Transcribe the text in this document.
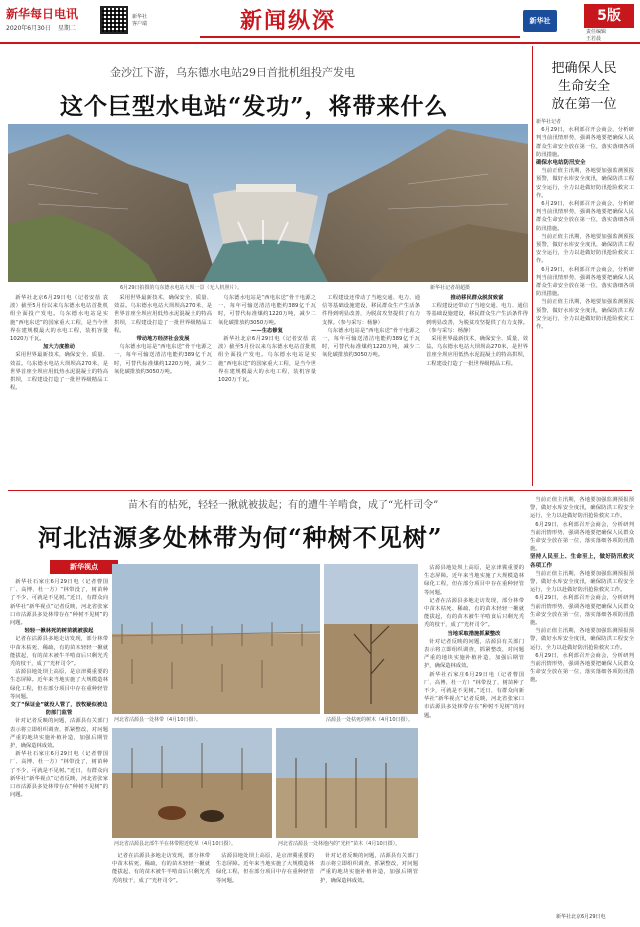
新华每日电讯
2020年6月30日 星期二
新华社
客户端	新闻纵深	新华社	5版
责任编辑
王若晨
金沙江下游，乌东德水电站29日首批机组投产发电
这个巨型水电站“发功”，将带来什么
6月29日拍摄的乌东德水电站大坝一景（无人机照片）。	新华社记者胡超摄

新华社北京6月29日电（记者安蓓 袁波）截至5月份以来乌东德水电站首批机组全面投产发电。乌东德水电站是实施“西电东送”的国家重大工程，是当今世界在建规模最大的水电工程，装机容量1020万千瓦。

加大力度推动

采用世界最新技术，确保安全、质量、效益。乌东德水电站大坝坝高270米，是世界首座全坝应用低热水泥混凝土的特高拱坝，工程建设打造了一批世界级精品工程。

采用世界最新技术，确保安全、质量、效益。乌东德水电站大坝坝高270米，是世界首座全坝应用低热水泥混凝土的特高拱坝，工程建设打造了一批世界级精品工程。

带动地方经济社会发展

乌东德水电站是“西电东送”骨干电源之一，每年可输送清洁电能约389亿千瓦时，可替代标准煤约1220万吨，减少二氧化碳排放约3050万吨。

乌东德水电站是“西电东送”骨干电源之一，每年可输送清洁电能约389亿千瓦时，可替代标准煤约1220万吨，减少二氧化碳排放约3050万吨。

——生态修复

新华社北京6月29日电（记者安蓓 袁波）截至5月份以来乌东德水电站首批机组全面投产发电。乌东德水电站是实施“西电东送”的国家重大工程，是当今世界在建规模最大的水电工程，装机容量1020万千瓦。

工程建设还带动了当地交通、电力、通信等基础设施建设，移民群众生产生活条件得到明显改善，为脱贫攻坚提供了有力支撑。（参与采写：杨静）

乌东德水电站是“西电东送”骨干电源之一，每年可输送清洁电能约389亿千瓦时，可替代标准煤约1220万吨，减少二氧化碳排放约3050万吨。

推动移民群众脱贫致富

工程建设还带动了当地交通、电力、通信等基础设施建设，移民群众生产生活条件得到明显改善，为脱贫攻坚提供了有力支撑。（参与采写：杨静）

采用世界最新技术，确保安全、质量、效益。乌东德水电站大坝坝高270米，是世界首座全坝应用低热水泥混凝土的特高拱坝，工程建设打造了一批世界级精品工程。

把确保人民
生命安全
放在第一位
新华社记者

6月29日，水利部召开会商会，分析研判当前汛情形势，强调各地要把确保人民群众生命安全放在第一位，落实落细各项防汛措施。

确保水电站防汛安全

当前正值主汛期，各地要加强监测预报预警，做好水库安全度汛，确保防洪工程安全运行，全力以赴做好防汛抢险救灾工作。

6月29日，水利部召开会商会，分析研判当前汛情形势，强调各地要把确保人民群众生命安全放在第一位，落实落细各项防汛措施。

当前正值主汛期，各地要加强监测预报预警，做好水库安全度汛，确保防洪工程安全运行，全力以赴做好防汛抢险救灾工作。

6月29日，水利部召开会商会，分析研判当前汛情形势，强调各地要把确保人民群众生命安全放在第一位，落实落细各项防汛措施。

当前正值主汛期，各地要加强监测预报预警，做好水库安全度汛，确保防洪工程安全运行，全力以赴做好防汛抢险救灾工作。

苗木有的枯死，轻轻一揪就被拔起；有的遭牛羊啃食，成了“光杆司令”
河北沽源多处林带为何“种树不见树”
新华视点

新华社石家庄6月29日电（记者曹国厂、高博、杜一方）“林带没了，树苗种了不少，可就是不见树。”近日，有群众向新华社“新华视点”记者反映，河北省张家口市沽源县多处林带存在“种树不见树”的问题。

轻轻一揪林死的树苗就被拔起

记者在沽源县多地走访发现，部分林带中苗木枯死、稀疏，有的苗木轻轻一揪就能拔起，有的苗木被牛羊啃食后只剩光秃秃的枝干，成了“光杆司令”。

沽源县地处坝上高原，是京津冀重要的生态屏障。近年来当地实施了大规模造林绿化工程，但在部分项目中存在重种轻管等问题。

交了“保证金”就没人管了，放牧疑似被边防部门监管

针对记者反映的问题，沽源县有关部门表示将立即组织调查，抓紧整改，对问题严重的地块实施补植补造，加强后期管护，确保造林成效。

新华社石家庄6月29日电（记者曹国厂、高博、杜一方）“林带没了，树苗种了不少，可就是不见树。”近日，有群众向新华社“新华视点”记者反映，河北省张家口市沽源县多处林带存在“种树不见树”的问题。

河北省沽源县一处林带（4月10日摄）。	沽源县一处枯死的树木（4月10日摄）。
河北省沽源县北部牛羊在林带附近吃草（4月10日摄）。	河北省沽源县一处林地内的“光杆”苗木（4月10日摄）。

记者在沽源县多地走访发现，部分林带中苗木枯死、稀疏，有的苗木轻轻一揪就能拔起，有的苗木被牛羊啃食后只剩光秃秃的枝干，成了“光杆司令”。

沽源县地处坝上高原，是京津冀重要的生态屏障。近年来当地实施了大规模造林绿化工程，但在部分项目中存在重种轻管等问题。

针对记者反映的问题，沽源县有关部门表示将立即组织调查，抓紧整改，对问题严重的地块实施补植补造，加强后期管护，确保造林成效。

沽源县地处坝上高原，是京津冀重要的生态屏障。近年来当地实施了大规模造林绿化工程，但在部分项目中存在重种轻管等问题。

记者在沽源县多地走访发现，部分林带中苗木枯死、稀疏，有的苗木轻轻一揪就能拔起，有的苗木被牛羊啃食后只剩光秃秃的枝干，成了“光杆司令”。

当地采取措施抓紧整改

针对记者反映的问题，沽源县有关部门表示将立即组织调查，抓紧整改，对问题严重的地块实施补植补造，加强后期管护，确保造林成效。

新华社石家庄6月29日电（记者曹国厂、高博、杜一方）“林带没了，树苗种了不少，可就是不见树。”近日，有群众向新华社“新华视点”记者反映，河北省张家口市沽源县多处林带存在“种树不见树”的问题。

当前正值主汛期，各地要加强监测预报预警，做好水库安全度汛，确保防洪工程安全运行，全力以赴做好防汛抢险救灾工作。

6月29日，水利部召开会商会，分析研判当前汛情形势，强调各地要把确保人民群众生命安全放在第一位，落实落细各项防汛措施。

坚持人民至上、生命至上，做好防汛救灾各项工作

当前正值主汛期，各地要加强监测预报预警，做好水库安全度汛，确保防洪工程安全运行，全力以赴做好防汛抢险救灾工作。

6月29日，水利部召开会商会，分析研判当前汛情形势，强调各地要把确保人民群众生命安全放在第一位，落实落细各项防汛措施。

当前正值主汛期，各地要加强监测预报预警，做好水库安全度汛，确保防洪工程安全运行，全力以赴做好防汛抢险救灾工作。

6月29日，水利部召开会商会，分析研判当前汛情形势，强调各地要把确保人民群众生命安全放在第一位，落实落细各项防汛措施。

新华社北京6月29日电
